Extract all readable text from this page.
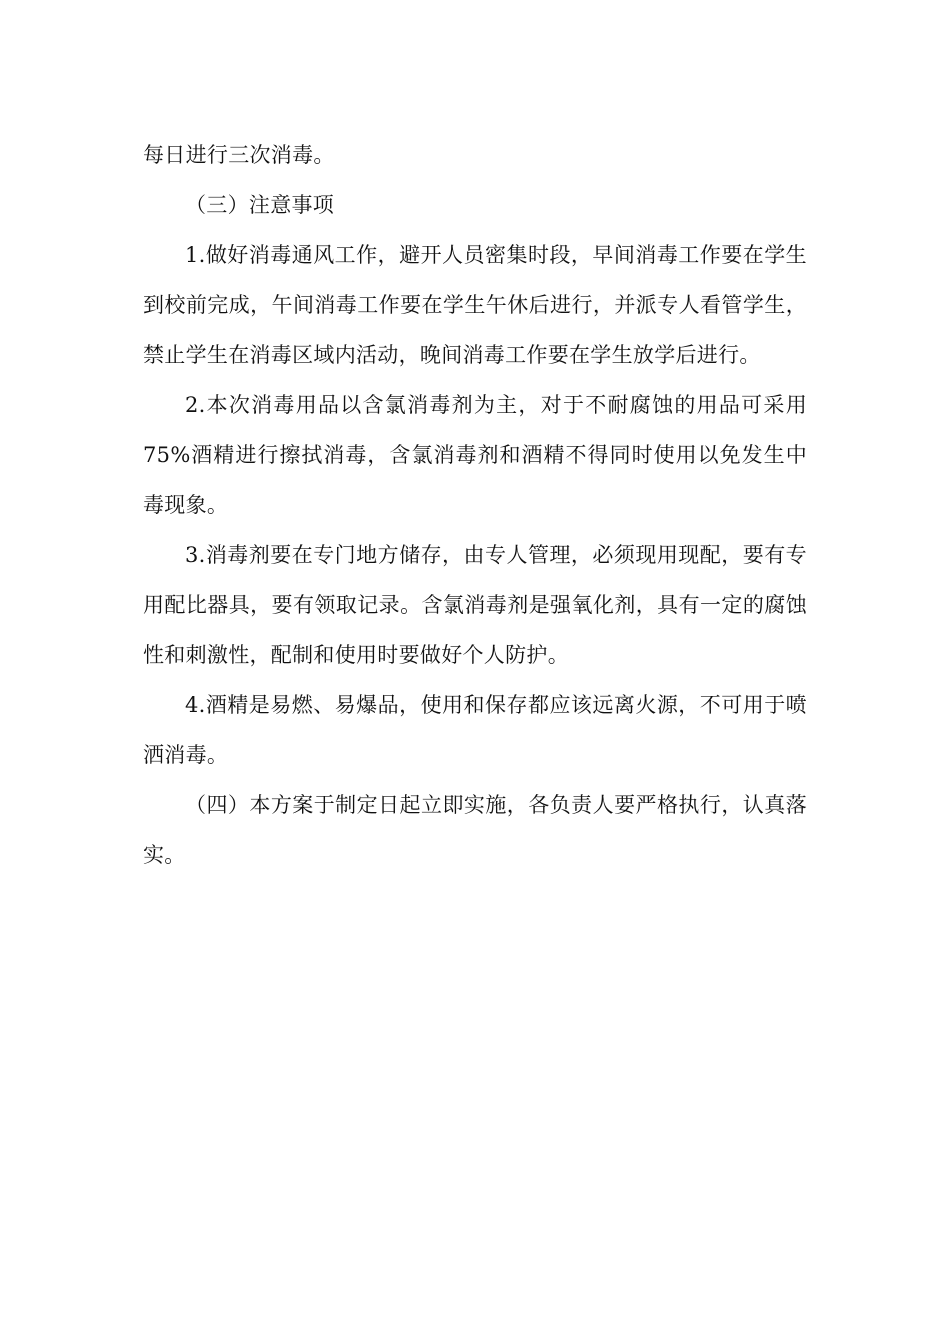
每日进行三次消毒。

（三）注意事项

1.做好消毒通风工作，避开人员密集时段，早间消毒工作要在学生到校前完成，午间消毒工作要在学生午休后进行，并派专人看管学生，禁止学生在消毒区域内活动，晚间消毒工作要在学生放学后进行。

2.本次消毒用品以含氯消毒剂为主，对于不耐腐蚀的用品可采用75%酒精进行擦拭消毒，含氯消毒剂和酒精不得同时使用以免发生中毒现象。

3.消毒剂要在专门地方储存，由专人管理，必须现用现配，要有专用配比器具，要有领取记录。含氯消毒剂是强氧化剂，具有一定的腐蚀性和刺激性，配制和使用时要做好个人防护。

4.酒精是易燃、易爆品，使用和保存都应该远离火源，不可用于喷洒消毒。

（四）本方案于制定日起立即实施，各负责人要严格执行，认真落实。
